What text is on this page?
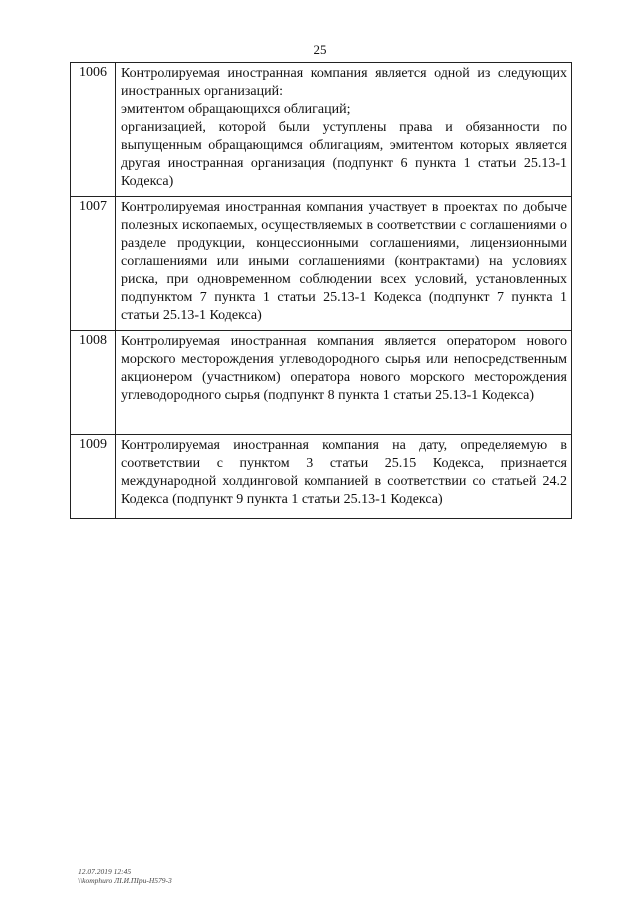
25
1006	Контролируемая иностранная компания является одной из следующих иностранных организаций:
эмитентом обращающихся облигаций;
организацией, которой были уступлены права и обязанности по выпущенным обращающимся облигациям, эмитентом которых является другая иностранная организация (подпункт 6 пункта 1 статьи 25.13-1 Кодекса)

1007	Контролируемая иностранная компания участвует в проектах по добыче полезных ископаемых, осуществляемых в соответствии с соглашениями о разделе продукции, концессионными соглашениями, лицензионными соглашениями или иными соглашениями (контрактами) на условиях риска, при одновременном соблюдении всех условий, установленных подпунктом 7 пункта 1 статьи 25.13-1 Кодекса (подпункт 7 пункта 1 статьи 25.13-1 Кодекса)

1008	Контролируемая иностранная компания является оператором нового морского месторождения углеводородного сырья или непосредственным акционером (участником) оператора нового морского месторождения углеводородного сырья (подпункт 8 пункта 1 статьи 25.13-1 Кодекса)

1009	Контролируемая иностранная компания на дату, определяемую в соответствии с пунктом 3 статьи 25.15 Кодекса, признается международной холдинговой компанией в соответствии со статьей 24.2 Кодекса (подпункт 9 пункта 1 статьи 25.13-1 Кодекса)
12.07.2019 12:45
\\komphuro ЛI.И.ПIри-Н579-3
